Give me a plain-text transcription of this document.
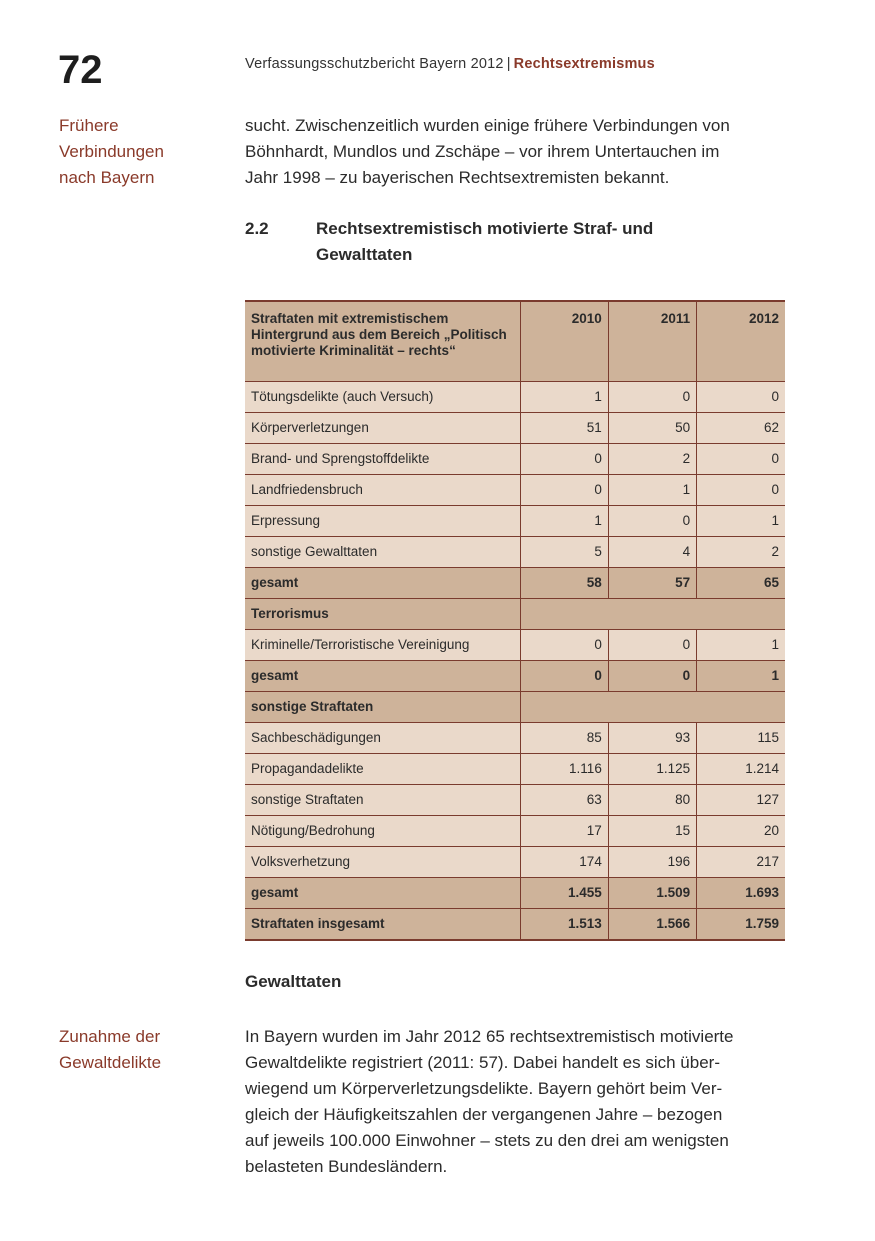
72	Verfassungsschutzbericht Bayern 2012 | Rechtsextremismus
Frühere
Verbindungen
nach Bayern
sucht. Zwischenzeitlich wurden einige frühere Verbindungen von
Böhnhardt, Mundlos und Zschäpe – vor ihrem Untertauchen im
Jahr 1998 – zu bayerischen Rechtsextremisten bekannt.
2.2	Rechtsextremistisch motivierte Straf- und Gewalttaten
Straftaten mit extremistischem Hintergrund aus dem Bereich „Politisch motivierte Kriminalität – rechts“	2010	2011	2012
Tötungsdelikte (auch Versuch)	1	0	0
Körperverletzungen	51	50	62
Brand- und Sprengstoffdelikte	0	2	0
Landfriedensbruch	0	1	0
Erpressung	1	0	1
sonstige Gewalttaten	5	4	2
gesamt	58	57	65
Terrorismus			
Kriminelle/Terroristische Vereinigung	0	0	1
gesamt	0	0	1
sonstige Straftaten			
Sachbeschädigungen	85	93	115
Propagandadelikte	1.116	1.125	1.214
sonstige Straftaten	63	80	127
Nötigung/Bedrohung	17	15	20
Volksverhetzung	174	196	217
gesamt	1.455	1.509	1.693
Straftaten insgesamt	1.513	1.566	1.759
Gewalttaten
Zunahme der
Gewaltdelikte
In Bayern wurden im Jahr 2012 65 rechtsextremistisch motivierte
Gewaltdelikte registriert (2011: 57). Dabei handelt es sich über-
wiegend um Körperverletzungsdelikte. Bayern gehört beim Ver-
gleich der Häufigkeitszahlen der vergangenen Jahre – bezogen
auf jeweils 100.000 Einwohner – stets zu den drei am wenigsten
belasteten Bundesländern.
